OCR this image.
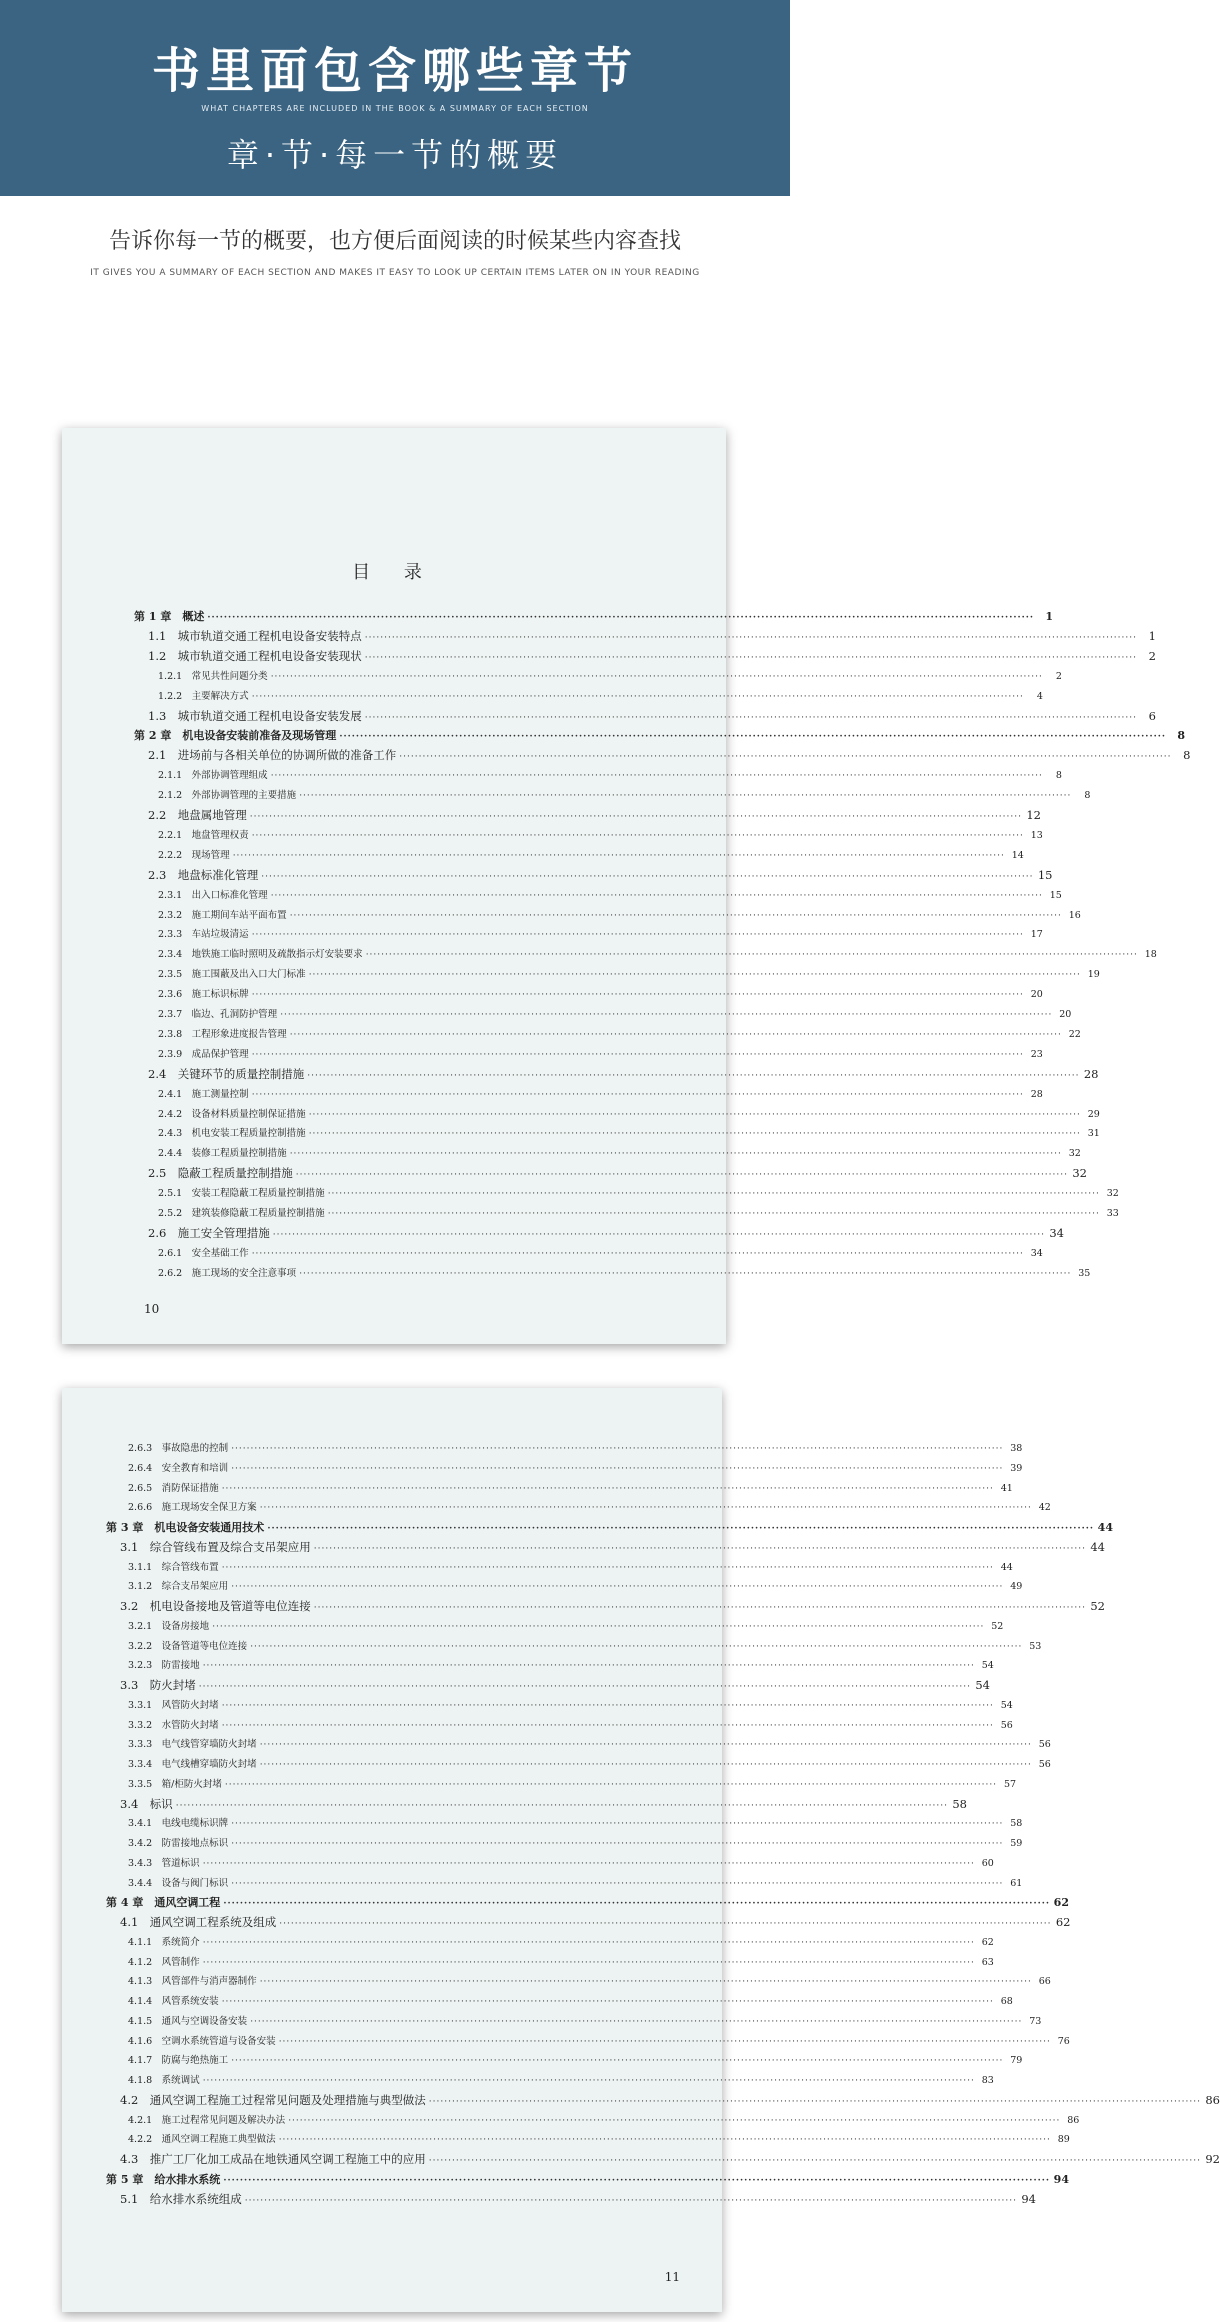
书里面包含哪些章节
WHAT CHAPTERS ARE INCLUDED IN THE BOOK & A SUMMARY OF EACH SECTION
章·节·每一节的概要
告诉你每一节的概要，也方便后面阅读的时候某些内容查找
IT GIVES YOU A SUMMARY OF EACH SECTION AND MAKES IT EASY TO LOOK UP CERTAIN ITEMS LATER ON IN YOUR READING
目 录
第 1 章　概述 ········································································································································································································	1
1.1　城市轨道交通工程机电设备安装特点 ········································································································································································································	1
1.2　城市轨道交通工程机电设备安装现状 ········································································································································································································	2
1.2.1　常见共性问题分类 ········································································································································································································	2
1.2.2　主要解决方式 ········································································································································································································	4
1.3　城市轨道交通工程机电设备安装发展 ········································································································································································································	6
第 2 章　机电设备安装前准备及现场管理 ········································································································································································································	8
2.1　进场前与各相关单位的协调所做的准备工作 ········································································································································································································	8
2.1.1　外部协调管理组成 ········································································································································································································	8
2.1.2　外部协调管理的主要措施 ········································································································································································································	8
2.2　地盘属地管理 ········································································································································································································ 12
2.2.1　地盘管理权责 ········································································································································································································ 13
2.2.2　现场管理 ········································································································································································································ 14
2.3　地盘标准化管理 ········································································································································································································ 15
2.3.1　出入口标准化管理 ········································································································································································································ 15
2.3.2　施工期间车站平面布置 ········································································································································································································ 16
2.3.3　车站垃圾清运 ········································································································································································································ 17
2.3.4　地铁施工临时照明及疏散指示灯安装要求 ········································································································································································································ 18
2.3.5　施工围蔽及出入口大门标准 ········································································································································································································ 19
2.3.6　施工标识标牌 ········································································································································································································ 20
2.3.7　临边、孔洞防护管理 ········································································································································································································ 20
2.3.8　工程形象进度报告管理 ········································································································································································································ 22
2.3.9　成品保护管理 ········································································································································································································ 23
2.4　关键环节的质量控制措施 ········································································································································································································ 28
2.4.1　施工测量控制 ········································································································································································································ 28
2.4.2　设备材料质量控制保证措施 ········································································································································································································ 29
2.4.3　机电安装工程质量控制措施 ········································································································································································································ 31
2.4.4　装修工程质量控制措施 ········································································································································································································ 32
2.5　隐蔽工程质量控制措施 ········································································································································································································ 32
2.5.1　安装工程隐蔽工程质量控制措施 ········································································································································································································ 32
2.5.2　建筑装修隐蔽工程质量控制措施 ········································································································································································································ 33
2.6　施工安全管理措施 ········································································································································································································ 34
2.6.1　安全基础工作 ········································································································································································································ 34
2.6.2　施工现场的安全注意事项 ········································································································································································································ 35
10
2.6.3　事故隐患的控制 ········································································································································································································ 38
2.6.4　安全教育和培训 ········································································································································································································ 39
2.6.5　消防保证措施 ········································································································································································································ 41
2.6.6　施工现场安全保卫方案 ········································································································································································································ 42
第 3 章　机电设备安装通用技术 ········································································································································································································ 44
3.1　综合管线布置及综合支吊架应用 ········································································································································································································ 44
3.1.1　综合管线布置 ········································································································································································································ 44
3.1.2　综合支吊架应用 ········································································································································································································ 49
3.2　机电设备接地及管道等电位连接 ········································································································································································································ 52
3.2.1　设备房接地 ········································································································································································································ 52
3.2.2　设备管道等电位连接 ········································································································································································································ 53
3.2.3　防雷接地 ········································································································································································································ 54
3.3　防火封堵 ········································································································································································································ 54
3.3.1　风管防火封堵 ········································································································································································································ 54
3.3.2　水管防火封堵 ········································································································································································································ 56
3.3.3　电气线管穿墙防火封堵 ········································································································································································································ 56
3.3.4　电气线槽穿墙防火封堵 ········································································································································································································ 56
3.3.5　箱/柜防火封堵 ········································································································································································································ 57
3.4　标识 ········································································································································································································ 58
3.4.1　电线电缆标识牌 ········································································································································································································ 58
3.4.2　防雷接地点标识 ········································································································································································································ 59
3.4.3　管道标识 ········································································································································································································ 60
3.4.4　设备与阀门标识 ········································································································································································································ 61
第 4 章　通风空调工程 ········································································································································································································ 62
4.1　通风空调工程系统及组成 ········································································································································································································ 62
4.1.1　系统简介 ········································································································································································································ 62
4.1.2　风管制作 ········································································································································································································ 63
4.1.3　风管部件与消声器制作 ········································································································································································································ 66
4.1.4　风管系统安装 ········································································································································································································ 68
4.1.5　通风与空调设备安装 ········································································································································································································ 73
4.1.6　空调水系统管道与设备安装 ········································································································································································································ 76
4.1.7　防腐与绝热施工 ········································································································································································································ 79
4.1.8　系统调试 ········································································································································································································ 83
4.2　通风空调工程施工过程常见问题及处理措施与典型做法 ········································································································································································································ 86
4.2.1　施工过程常见问题及解决办法 ········································································································································································································ 86
4.2.2　通风空调工程施工典型做法 ········································································································································································································ 89
4.3　推广工厂化加工成品在地铁通风空调工程施工中的应用 ········································································································································································································ 92
第 5 章　给水排水系统 ········································································································································································································ 94
5.1　给水排水系统组成 ········································································································································································································ 94
11
